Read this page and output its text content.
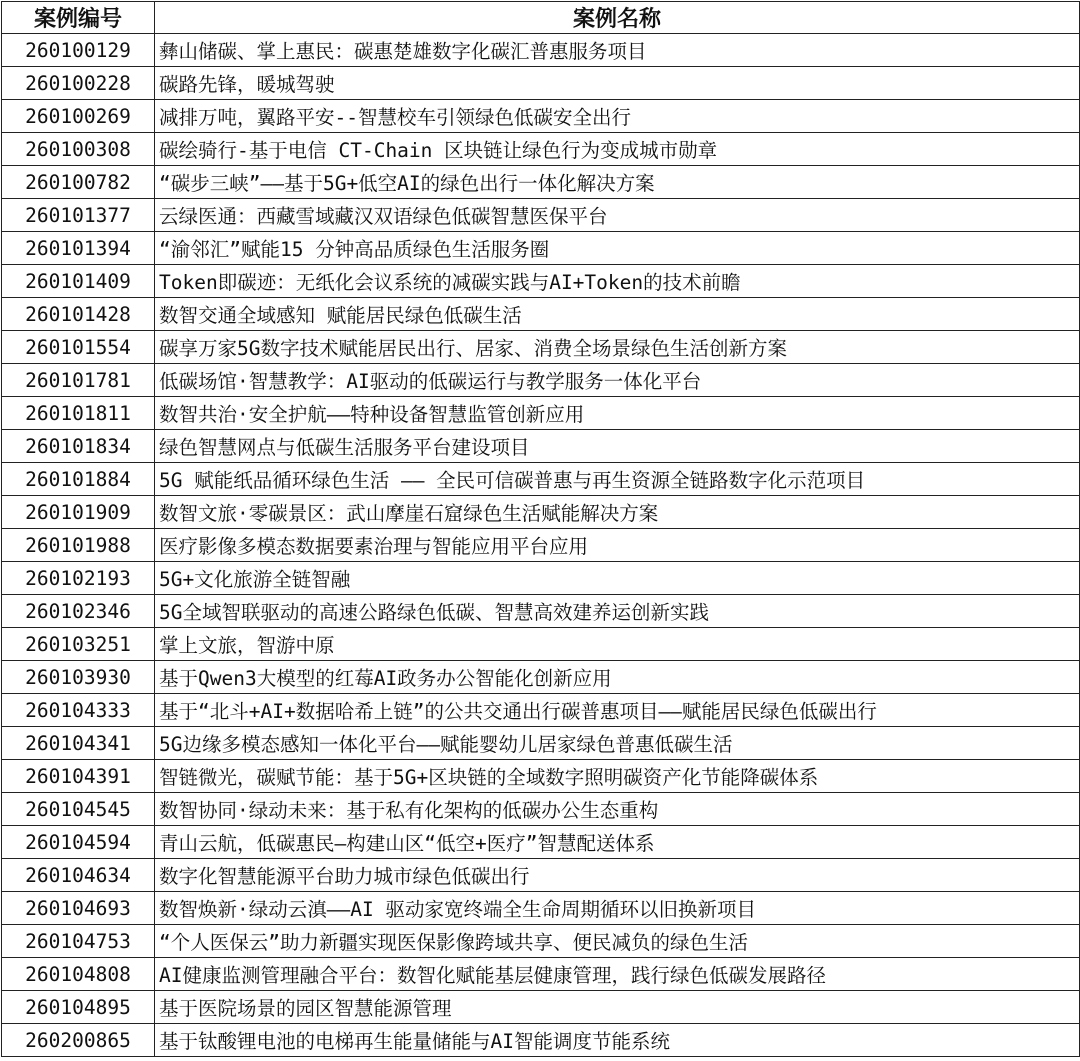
案例编号	案例名称
260100129	彝山储碳、掌上惠民：碳惠楚雄数字化碳汇普惠服务项目
260100228	碳路先锋，暖城驾驶
260100269	减排万吨，翼路平安--智慧校车引领绿色低碳安全出行
260100308	碳绘骑行-基于电信 CT-Chain 区块链让绿色行为变成城市勋章
260100782	“碳步三峡”——基于5G+低空AI的绿色出行一体化解决方案
260101377	云绿医通：西藏雪域藏汉双语绿色低碳智慧医保平台
260101394	“渝邻汇”赋能15 分钟高品质绿色生活服务圈
260101409	Token即碳迹：无纸化会议系统的减碳实践与AI+Token的技术前瞻
260101428	数智交通全域感知 赋能居民绿色低碳生活
260101554	碳享万家5G数字技术赋能居民出行、居家、消费全场景绿色生活创新方案
260101781	低碳场馆·智慧教学：AI驱动的低碳运行与教学服务一体化平台
260101811	数智共治·安全护航——特种设备智慧监管创新应用
260101834	绿色智慧网点与低碳生活服务平台建设项目
260101884	5G 赋能纸品循环绿色生活 —— 全民可信碳普惠与再生资源全链路数字化示范项目
260101909	数智文旅·零碳景区：武山摩崖石窟绿色生活赋能解决方案
260101988	医疗影像多模态数据要素治理与智能应用平台应用
260102193	5G+文化旅游全链智融
260102346	5G全域智联驱动的高速公路绿色低碳、智慧高效建养运创新实践
260103251	掌上文旅，智游中原
260103930	基于Qwen3大模型的红莓AI政务办公智能化创新应用
260104333	基于“北斗+AI+数据哈希上链”的公共交通出行碳普惠项目——赋能居民绿色低碳出行
260104341	5G边缘多模态感知一体化平台——赋能婴幼儿居家绿色普惠低碳生活
260104391	智链微光，碳赋节能：基于5G+区块链的全域数字照明碳资产化节能降碳体系
260104545	数智协同·绿动未来：基于私有化架构的低碳办公生态重构
260104594	青山云航，低碳惠民—构建山区“低空+医疗”智慧配送体系
260104634	数字化智慧能源平台助力城市绿色低碳出行
260104693	数智焕新·绿动云滇——AI 驱动家宽终端全生命周期循环以旧换新项目
260104753	“个人医保云”助力新疆实现医保影像跨域共享、便民减负的绿色生活
260104808	AI健康监测管理融合平台：数智化赋能基层健康管理，践行绿色低碳发展路径
260104895	基于医院场景的园区智慧能源管理
260200865	基于钛酸锂电池的电梯再生能量储能与AI智能调度节能系统
